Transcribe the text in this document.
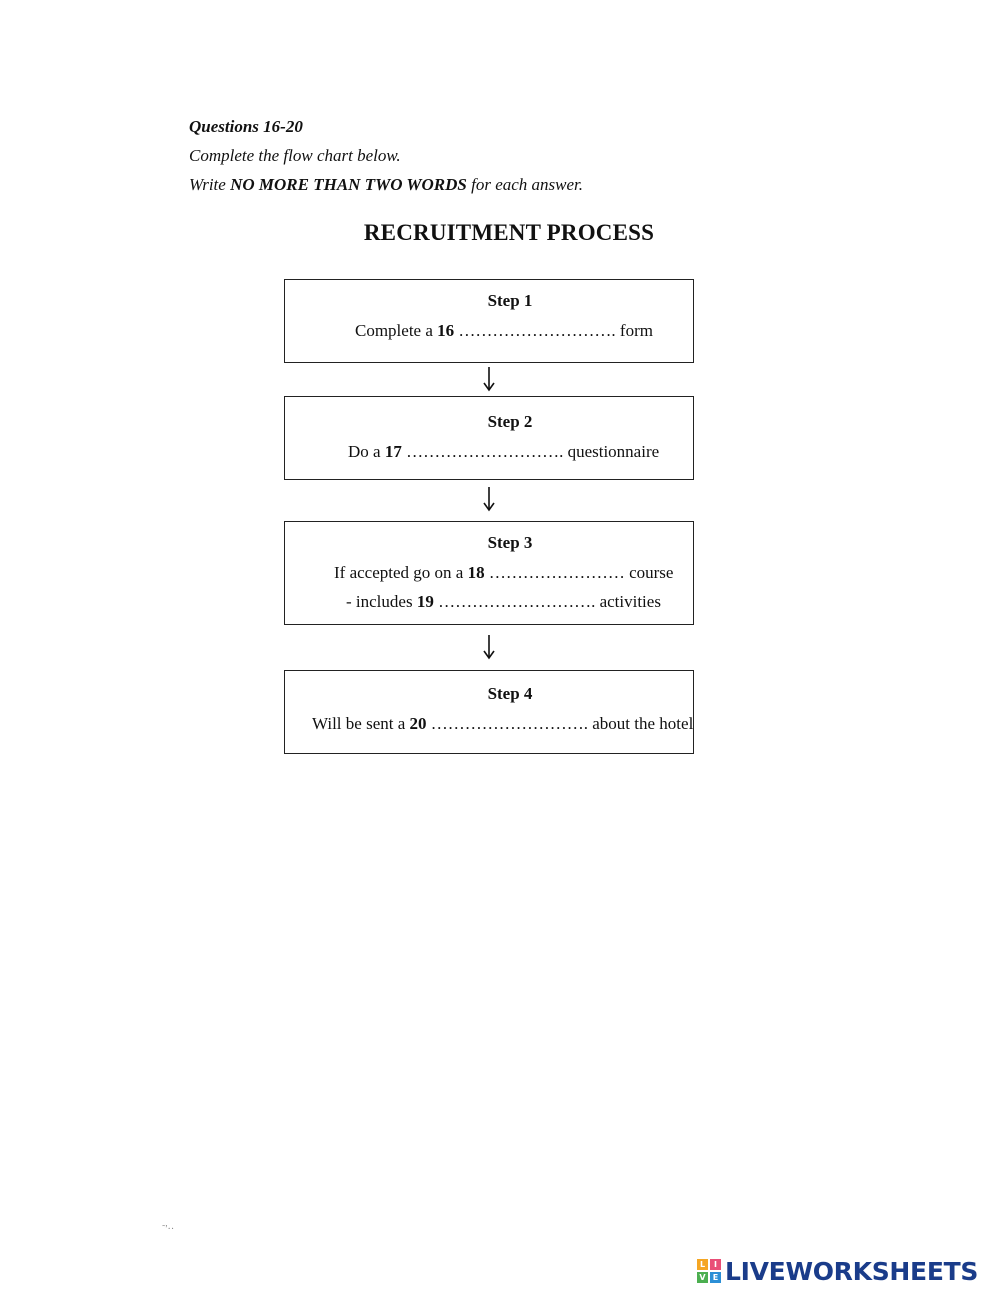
Questions 16-20
Complete the flow chart below.
Write NO MORE THAN TWO WORDS for each answer.
RECRUITMENT PROCESS
Step 1
Complete a 16 ………………………. form
Step 2
Do a 17 ………………………. questionnaire
Step 3
If accepted go on a 18 …………………… course
- includes 19 ………………………. activities
Step 4
Will be sent a 20 ………………………. about the hotel
˜′··
L	I
V E LIVEWORKSHEETS
